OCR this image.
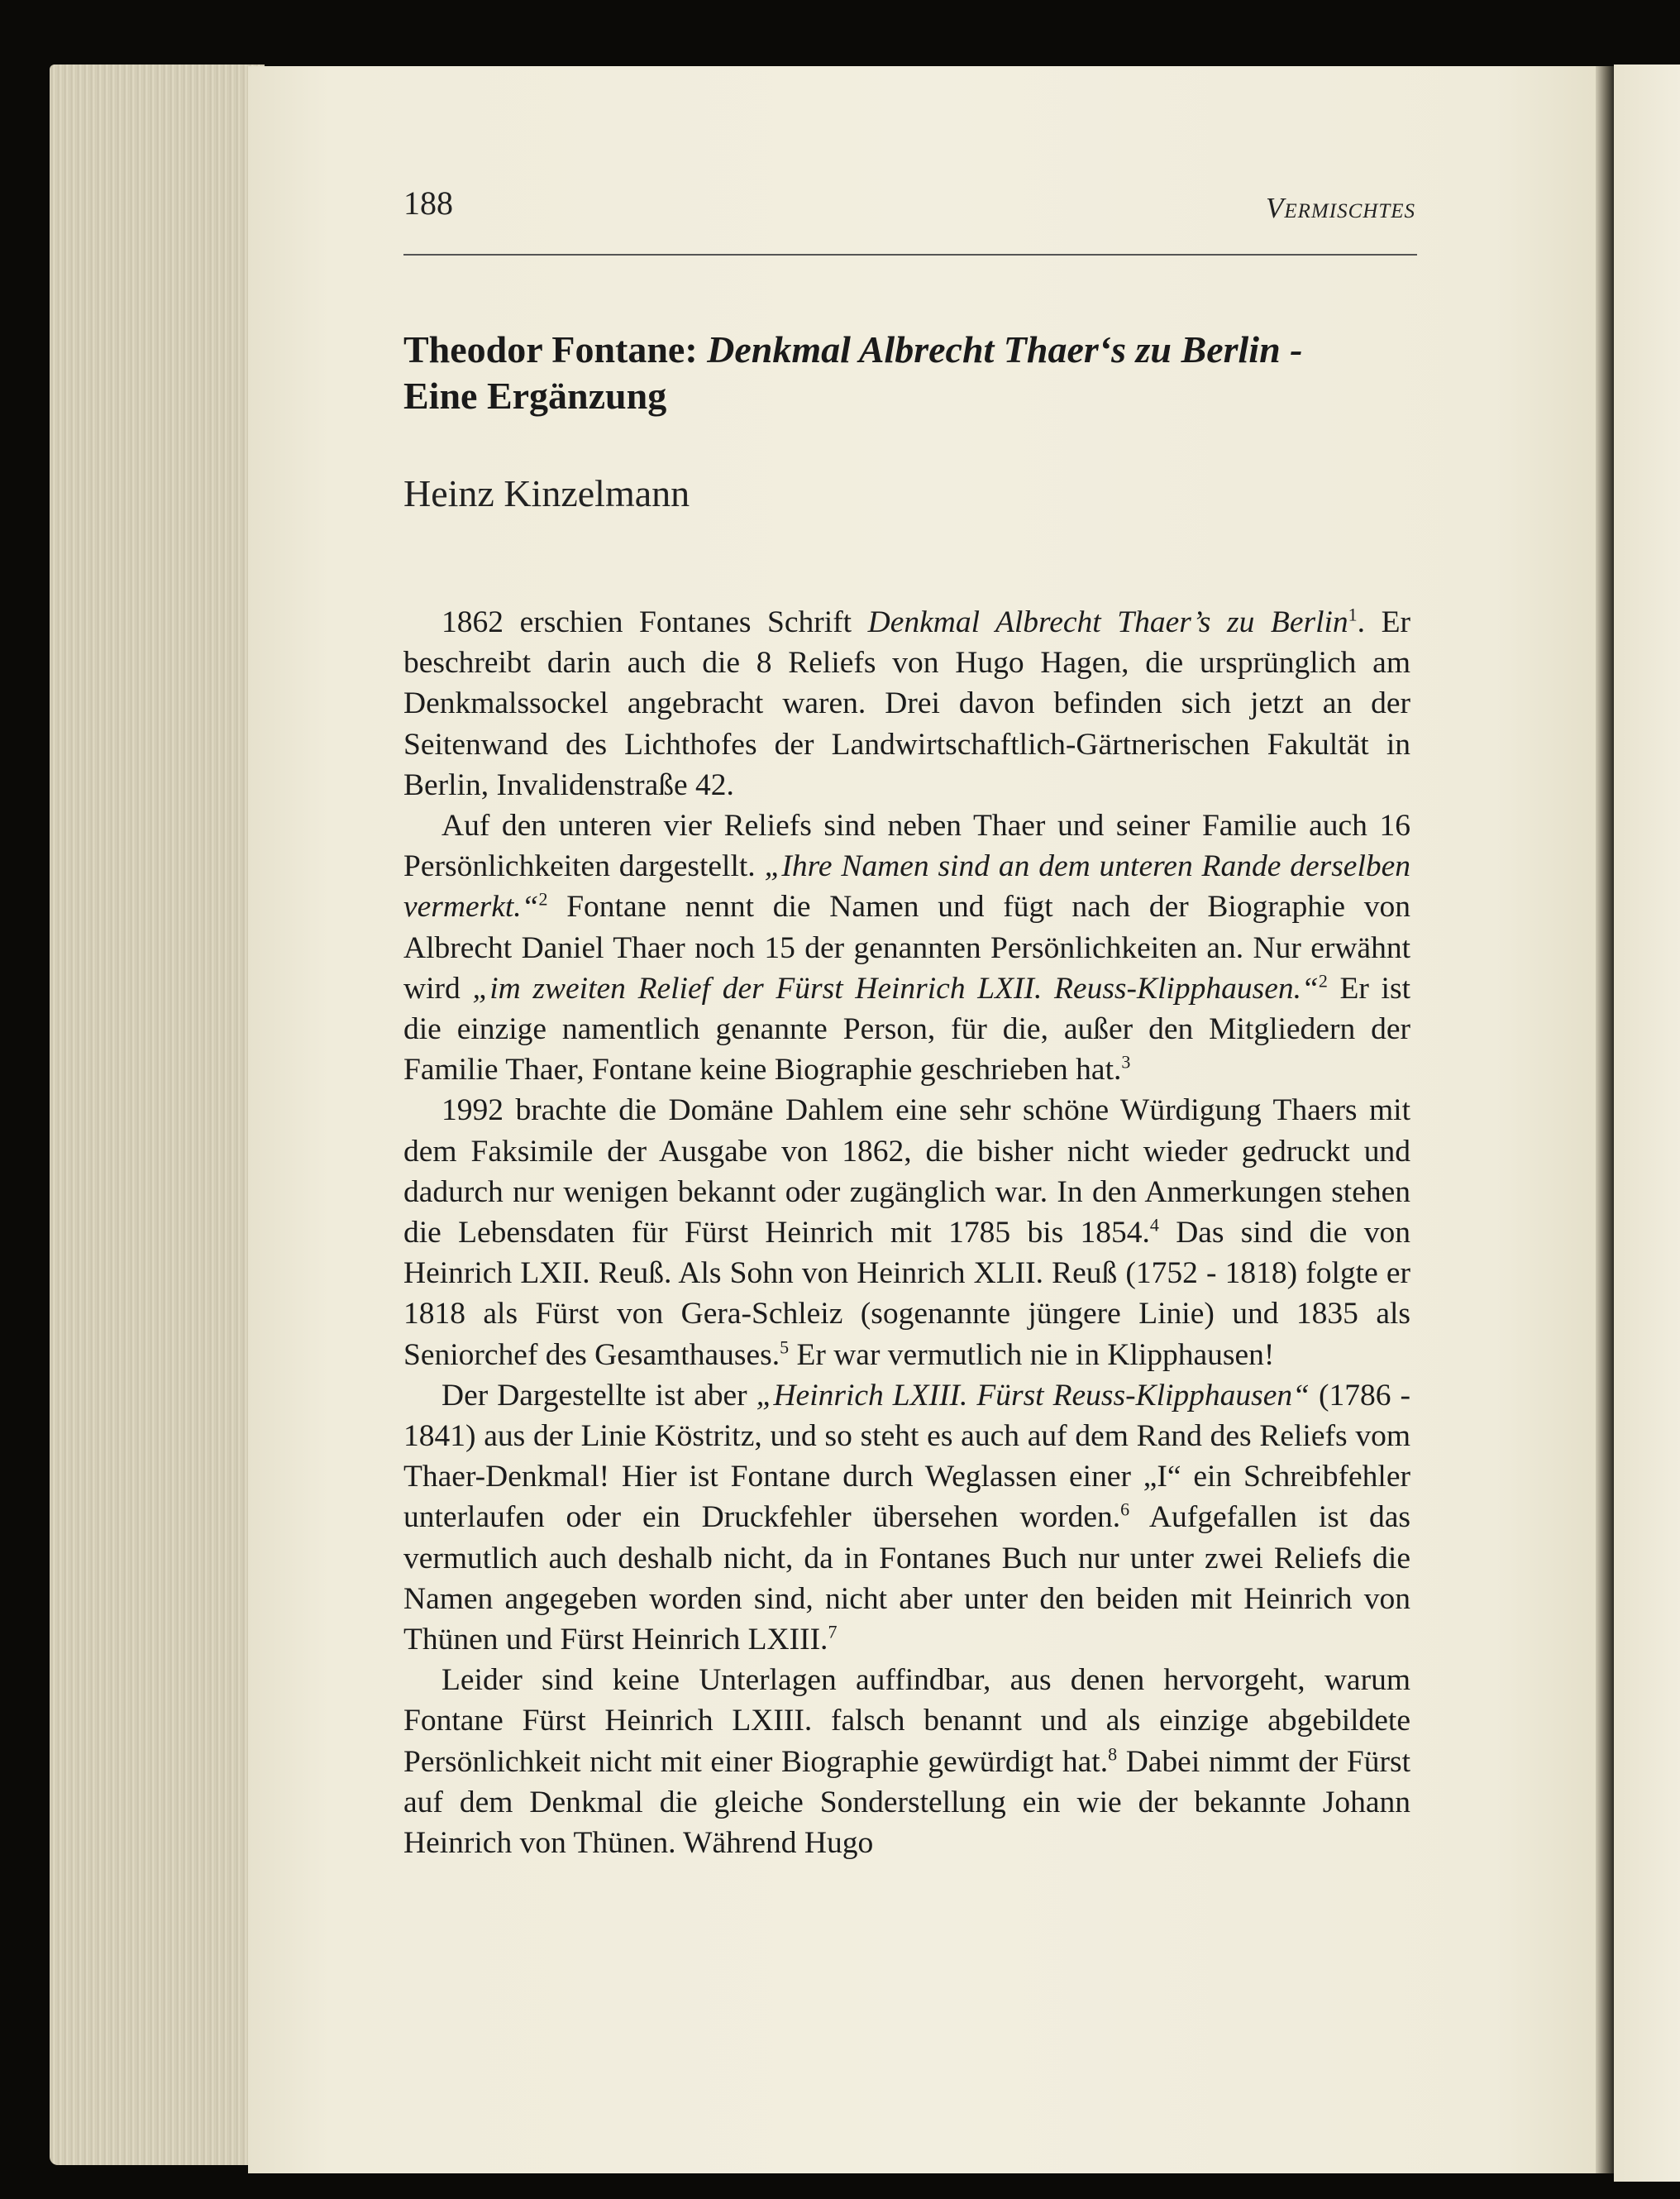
188	Vermischtes
Theodor Fontane: Denkmal Albrecht Thaer‘s zu Berlin -
Eine Ergänzung
Heinz Kinzelmann

1862 erschien Fontanes Schrift Denkmal Albrecht Thaer’s zu Berlin$^1$. Er beschreibt darin auch die 8 Reliefs von Hugo Hagen, die ursprünglich am Denkmalssockel angebracht waren. Drei davon befinden sich jetzt an der Seitenwand des Lichthofes der Landwirtschaftlich-Gärtnerischen Fakultät in Berlin, Invalidenstraße 42.

Auf den unteren vier Reliefs sind neben Thaer und seiner Familie auch 16 Persönlichkeiten dargestellt. „Ihre Namen sind an dem unteren Rande derselben vermerkt.“$^2$ Fontane nennt die Namen und fügt nach der Biographie von Albrecht Daniel Thaer noch 15 der genannten Persönlichkeiten an. Nur erwähnt wird „im zweiten Relief der Fürst Heinrich LXII. Reuss-Klipphausen.“$^2$ Er ist die einzige namentlich genannte Person, für die, außer den Mitgliedern der Familie Thaer, Fontane keine Biographie geschrieben hat.$^3$

1992 brachte die Domäne Dahlem eine sehr schöne Würdigung Thaers mit dem Faksimile der Ausgabe von 1862, die bisher nicht wieder gedruckt und dadurch nur wenigen bekannt oder zugänglich war. In den Anmerkungen stehen die Lebensdaten für Fürst Heinrich mit 1785 bis 1854.$^4$ Das sind die von Heinrich LXII. Reuß. Als Sohn von Heinrich XLII. Reuß (1752 - 1818) folgte er 1818 als Fürst von Gera-Schleiz (sogenannte jüngere Linie) und 1835 als Seniorchef des Gesamthauses.$^5$ Er war vermutlich nie in Klipphausen!

Der Dargestellte ist aber „Heinrich LXIII. Fürst Reuss-Klipphausen“ (1786 - 1841) aus der Linie Köstritz, und so steht es auch auf dem Rand des Reliefs vom Thaer-Denkmal! Hier ist Fontane durch Weglassen einer „I“ ein Schreibfehler unterlaufen oder ein Druckfehler übersehen worden.$^6$ Aufgefallen ist das vermutlich auch deshalb nicht, da in Fontanes Buch nur unter zwei Reliefs die Namen angegeben worden sind, nicht aber unter den beiden mit Heinrich von Thünen und Fürst Heinrich LXIII.$^7$

Leider sind keine Unterlagen auffindbar, aus denen hervorgeht, warum Fontane Fürst Heinrich LXIII. falsch benannt und als einzige abgebildete Persönlichkeit nicht mit einer Biographie gewürdigt hat.$^8$ Dabei nimmt der Fürst auf dem Denkmal die gleiche Sonderstellung ein wie der bekannte Johann Heinrich von Thünen. Während Hugo
